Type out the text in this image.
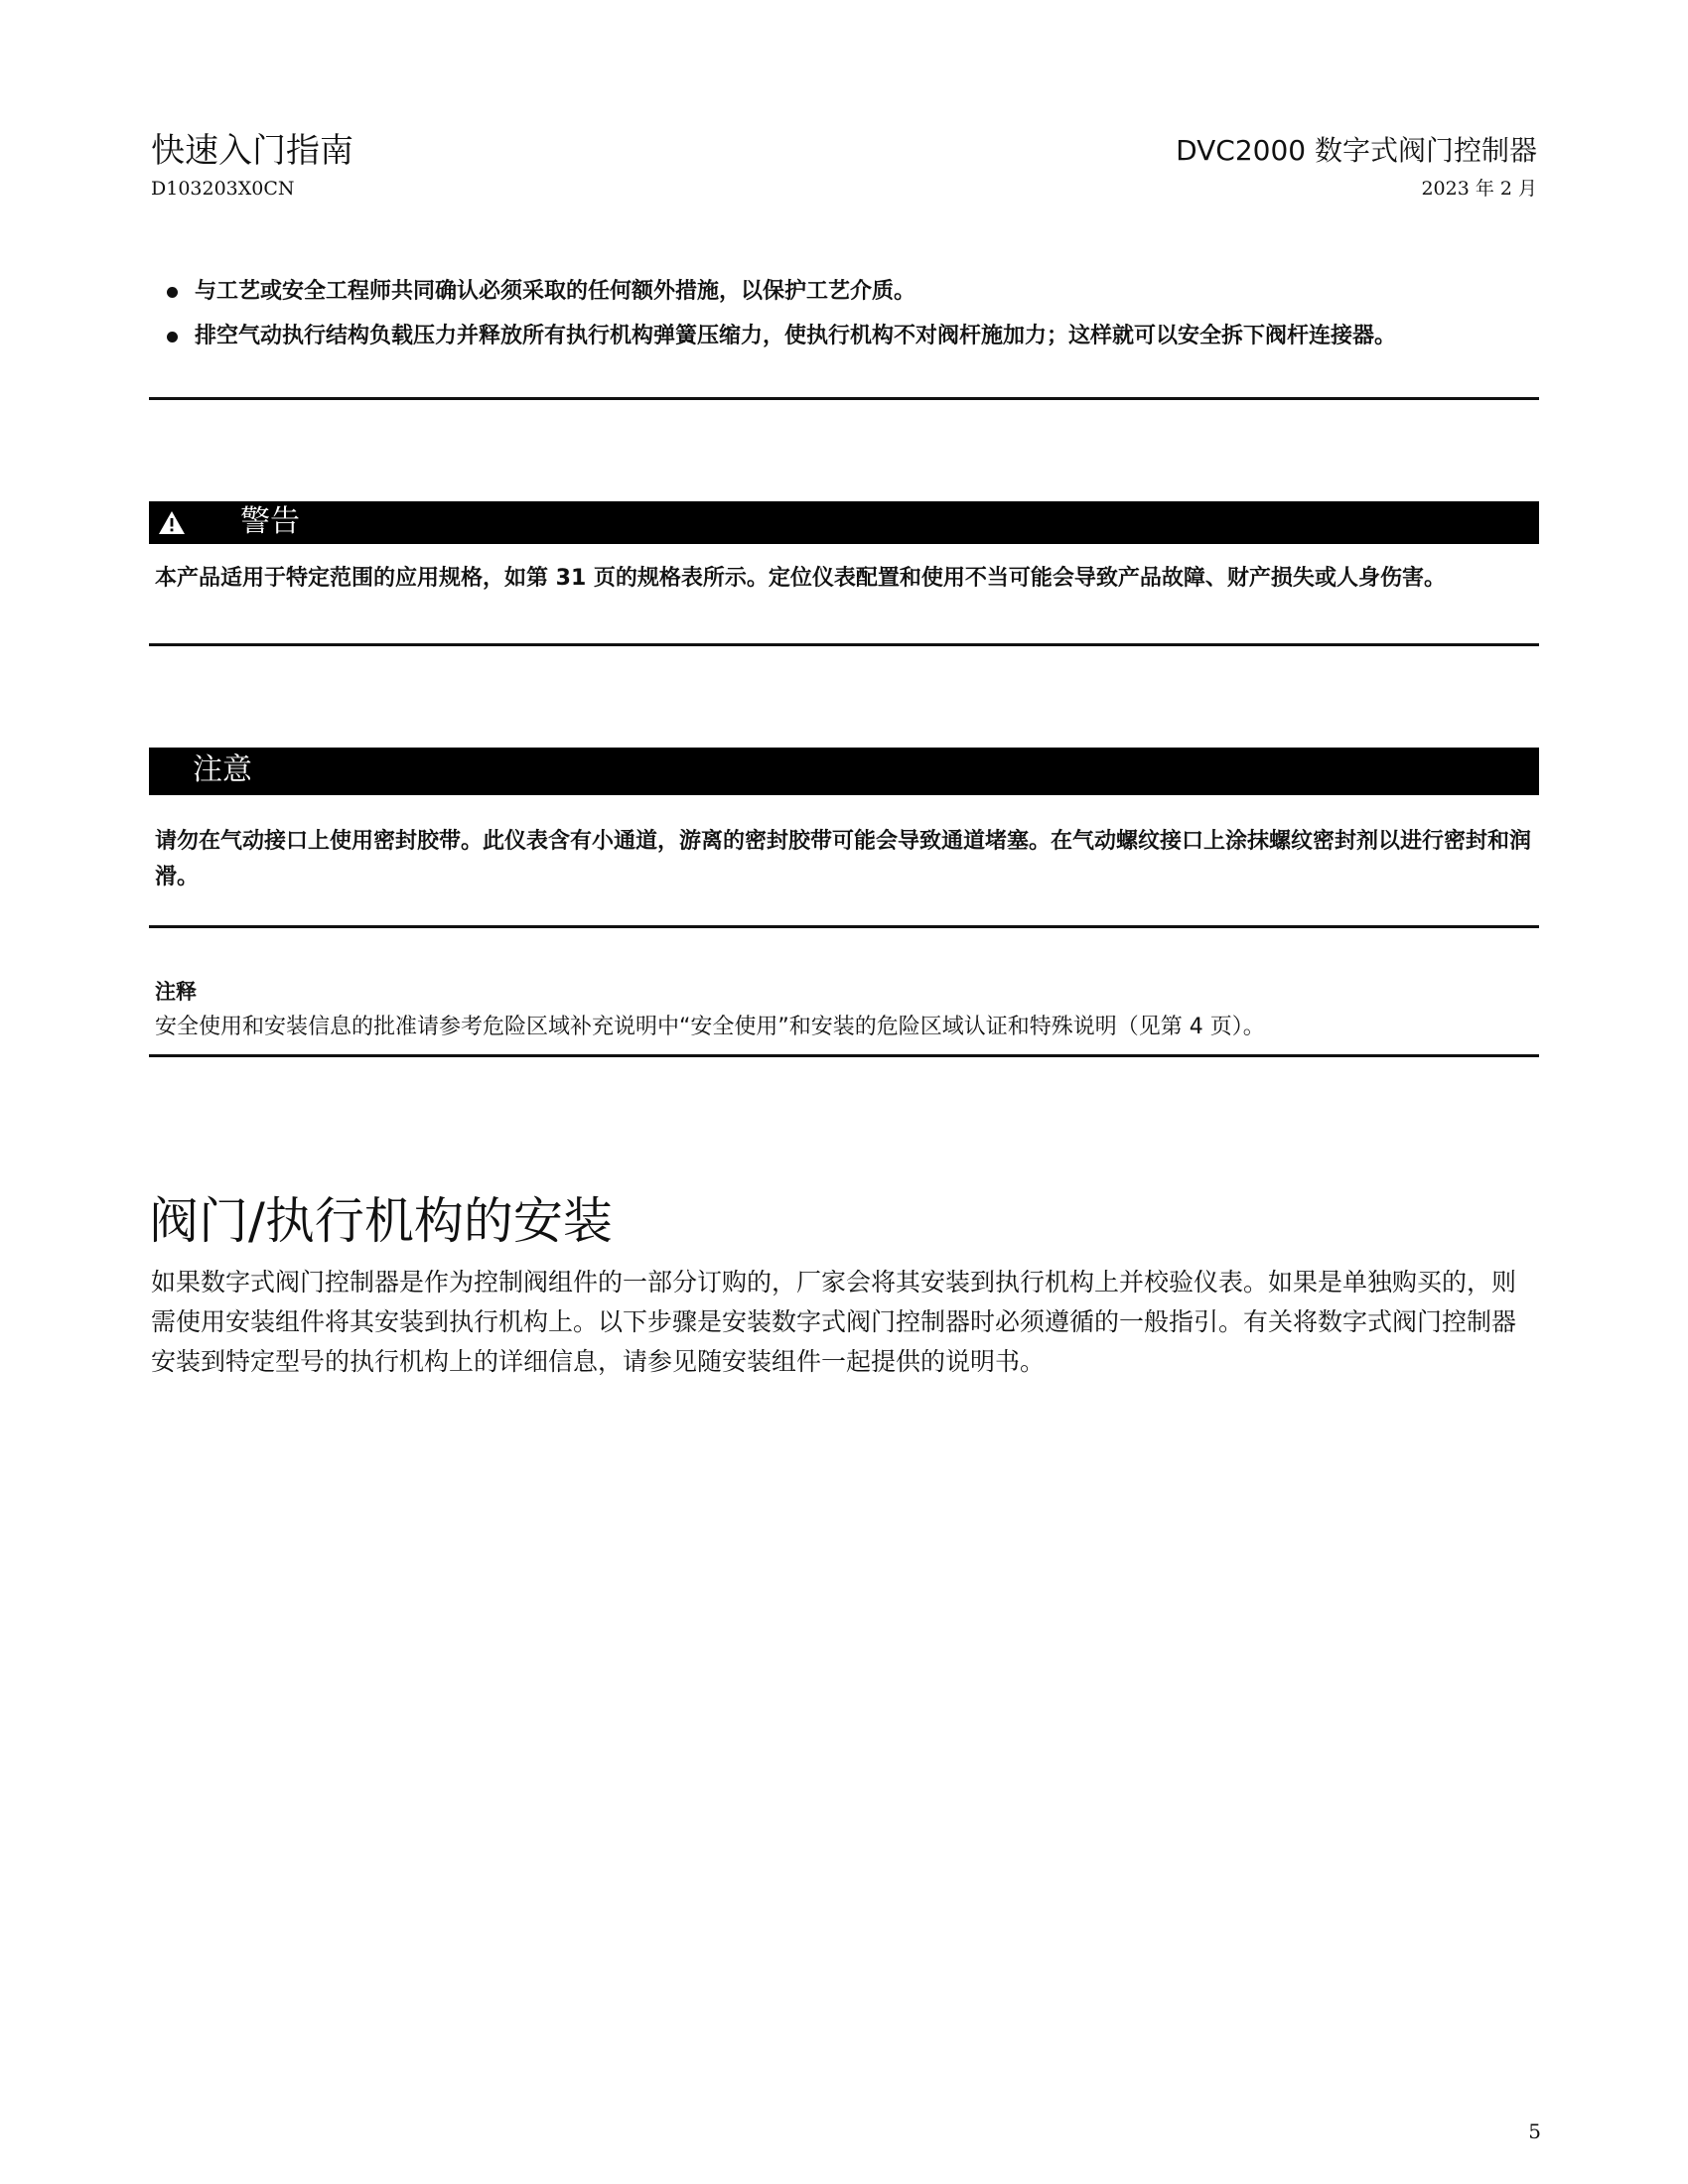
快速入门指南
D103203X0CN
DVC2000 数字式阀门控制器
2023 年 2 月
与工艺或安全工程师共同确认必须采取的任何额外措施，以保护工艺介质。
排空气动执行结构负载压力并释放所有执行机构弹簧压缩力，使执行机构不对阀杆施加力；这样就可以安全拆下阀杆连接器。
警告
本产品适用于特定范围的应用规格，如第 31 页的规格表所示。定位仪表配置和使用不当可能会导致产品故障、财产损失或人身伤害。
注意
请勿在气动接口上使用密封胶带。此仪表含有小通道，游离的密封胶带可能会导致通道堵塞。在气动螺纹接口上涂抹螺纹密封剂以进行密封和润滑。
注释
安全使用和安装信息的批准请参考危险区域补充说明中“安全使用”和安装的危险区域认证和特殊说明（见第 4 页）。
阀门/执行机构的安装
如果数字式阀门控制器是作为控制阀组件的一部分订购的，厂家会将其安装到执行机构上并校验仪表。如果是单独购买的，则需使用安装组件将其安装到执行机构上。以下步骤是安装数字式阀门控制器时必须遵循的一般指引。有关将数字式阀门控制器安装到特定型号的执行机构上的详细信息，请参见随安装组件一起提供的说明书。
5
